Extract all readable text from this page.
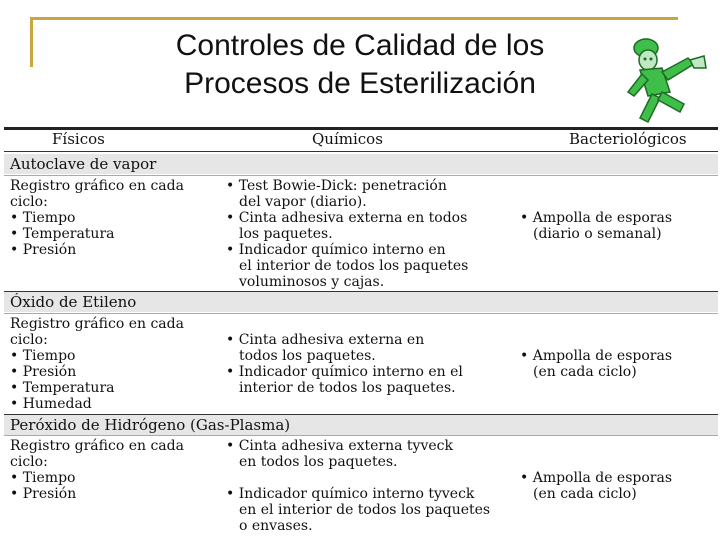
Controles de Calidad de los
Procesos de Esterilización
Físicos	Químicos	Bacteriológicos
Autoclave de vapor
Registro gráfico en cada
ciclo:
• Tiempo
• Temperatura
• Presión
• Test Bowie-Dick: penetración
del vapor (diario).
• Cinta adhesiva externa en todos
los paquetes.
• Indicador químico interno en
el interior de todos los paquetes
voluminosos y cajas.
• Ampolla de esporas
(diario o semanal)
Óxido de Etileno
Registro gráfico en cada
ciclo:
• Tiempo
• Presión
• Temperatura
• Humedad
• Cinta adhesiva externa en
todos los paquetes.
• Indicador químico interno en el
interior de todos los paquetes.
• Ampolla de esporas
(en cada ciclo)
Peróxido de Hidrógeno (Gas-Plasma)
Registro gráfico en cada
ciclo:
• Tiempo
• Presión
• Cinta adhesiva externa tyveck
en todos los paquetes.
• Indicador químico interno tyveck
en el interior de todos los paquetes
o envases.
• Ampolla de esporas
(en cada ciclo)
